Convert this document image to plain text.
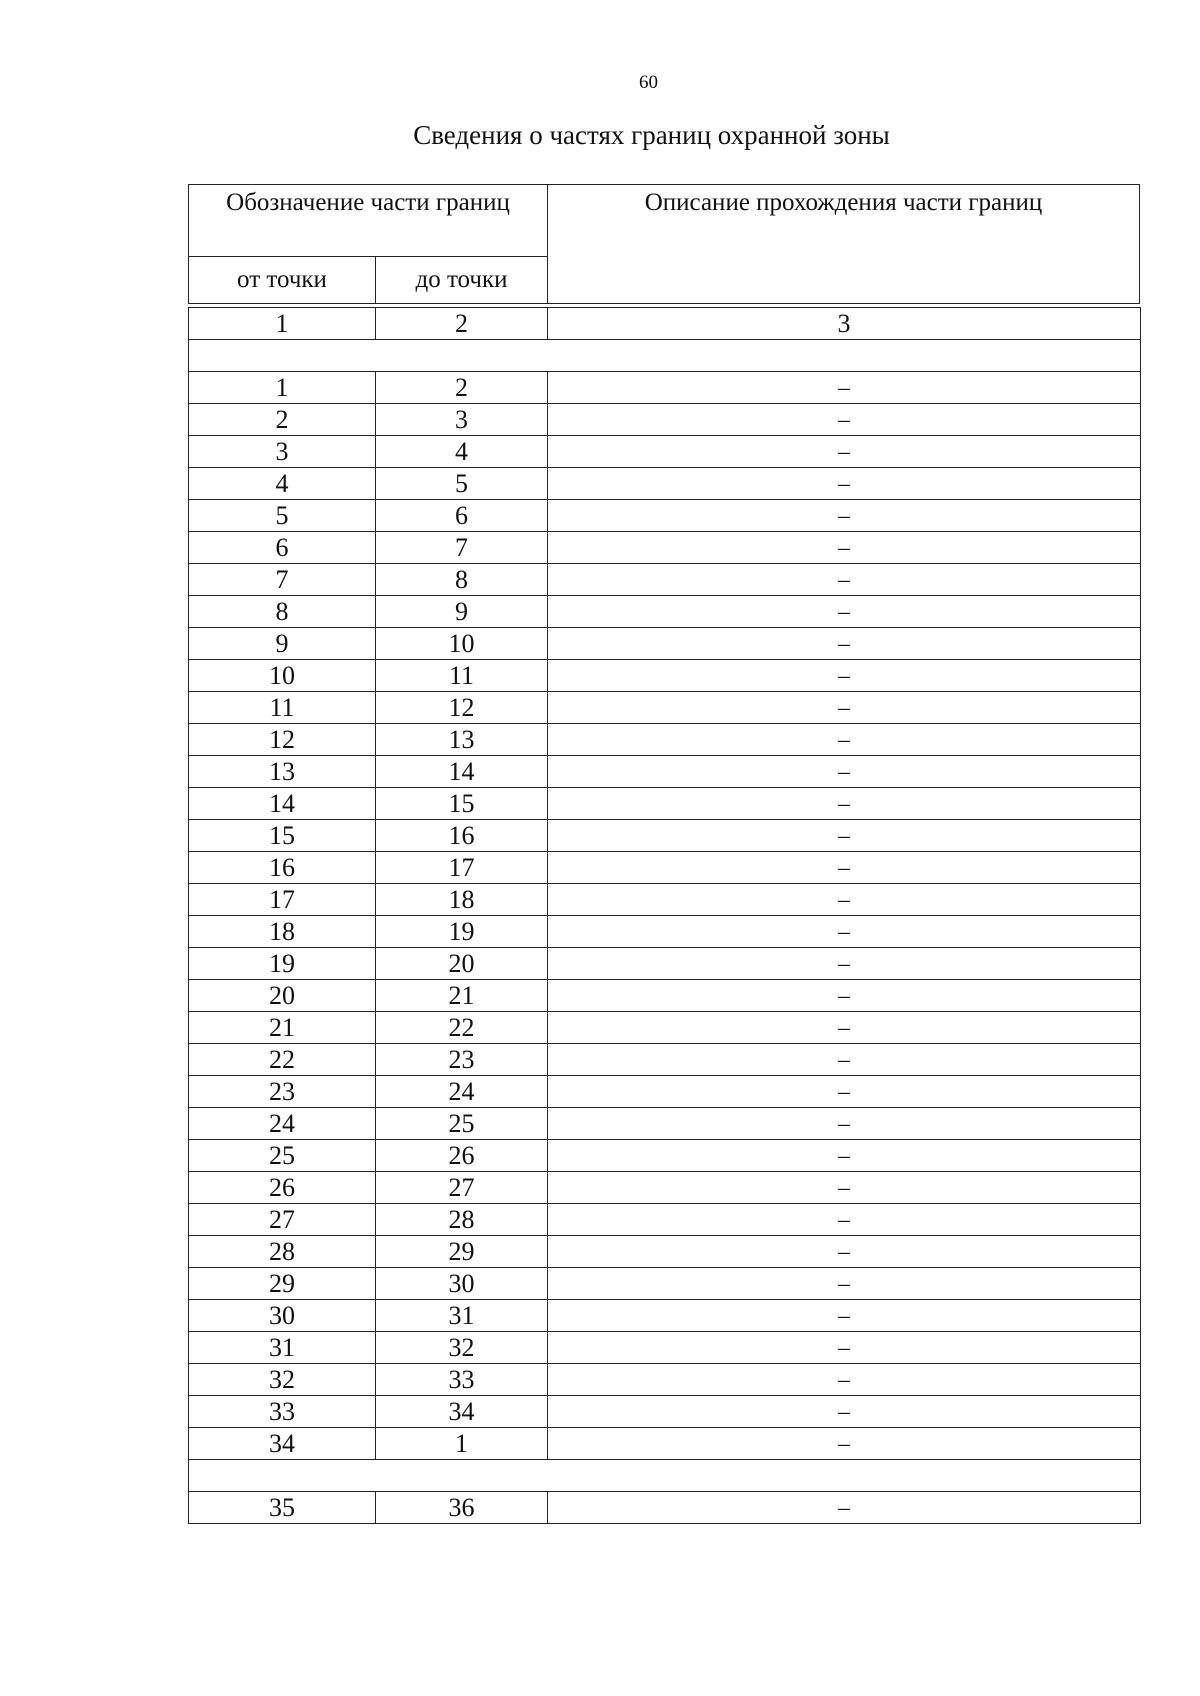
60
Сведения о частях границ охранной зоны
Обозначение части границ		Описание прохождения части границ
от точки	до точки	
1	2	3

1	2	–
2	3	–
3	4	–
4	5	–
5	6	–
6	7	–
7	8	–
8	9	–
9	10	–
10	11	–
11	12	–
12	13	–
13	14	–
14	15	–
15	16	–
16	17	–
17	18	–
18	19	–
19	20	–
20	21	–
21	22	–
22	23	–
23	24	–
24	25	–
25	26	–
26	27	–
27	28	–
28	29	–
29	30	–
30	31	–
31	32	–
32	33	–
33	34	–
34	1	–

35	36	–
